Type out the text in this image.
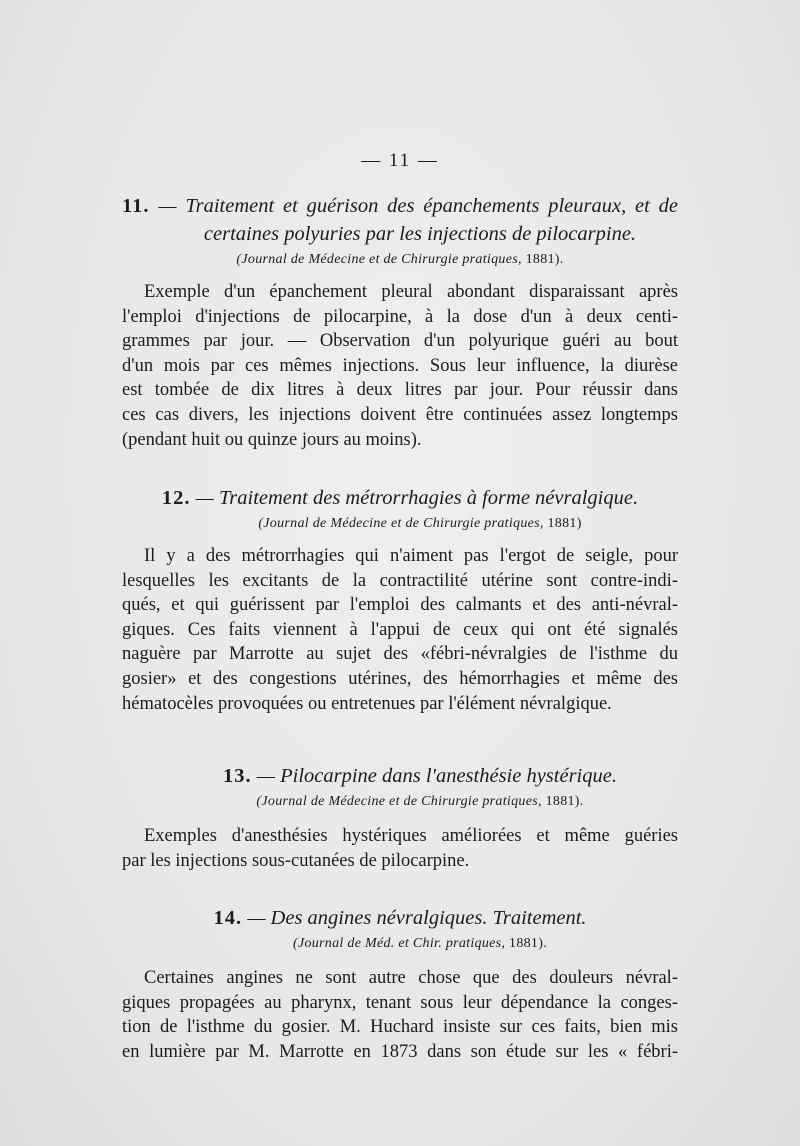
— 11 —

11. — Traitement et guérison des épanchements pleuraux, et de
certaines polyuries par les injections de pilocarpine.

(Journal de Médecine et de Chirurgie pratiques, 1881).

Exemple d'un épanchement pleural abondant disparaissant après
l'emploi d'injections de pilocarpine, à la dose d'un à deux centi-
grammes par jour. — Observation d'un polyurique guéri au bout
d'un mois par ces mêmes injections. Sous leur influence, la diurèse
est tombée de dix litres à deux litres par jour. Pour réussir dans
ces cas divers, les injections doivent être continuées assez longtemps
(pendant huit ou quinze jours au moins).

12. — Traitement des métrorrhagies à forme névralgique.

(Journal de Médecine et de Chirurgie pratiques, 1881)

Il y a des métrorrhagies qui n'aiment pas l'ergot de seigle, pour
lesquelles les excitants de la contractilité utérine sont contre-indi-
qués, et qui guérissent par l'emploi des calmants et des anti-névral-
giques. Ces faits viennent à l'appui de ceux qui ont été signalés
naguère par Marrotte au sujet des «fébri-névralgies de l'isthme du
gosier» et des congestions utérines, des hémorrhagies et même des
hématocèles provoquées ou entretenues par l'élément névralgique.

13. — Pilocarpine dans l'anesthésie hystérique.

(Journal de Médecine et de Chirurgie pratiques, 1881).

Exemples d'anesthésies hystériques améliorées et même guéries
par les injections sous-cutanées de pilocarpine.

14. — Des angines névralgiques. Traitement.

(Journal de Méd. et Chir. pratiques, 1881).

Certaines angines ne sont autre chose que des douleurs névral-
giques propagées au pharynx, tenant sous leur dépendance la conges-
tion de l'isthme du gosier. M. Huchard insiste sur ces faits, bien mis
en lumière par M. Marrotte en 1873 dans son étude sur les « fébri-
